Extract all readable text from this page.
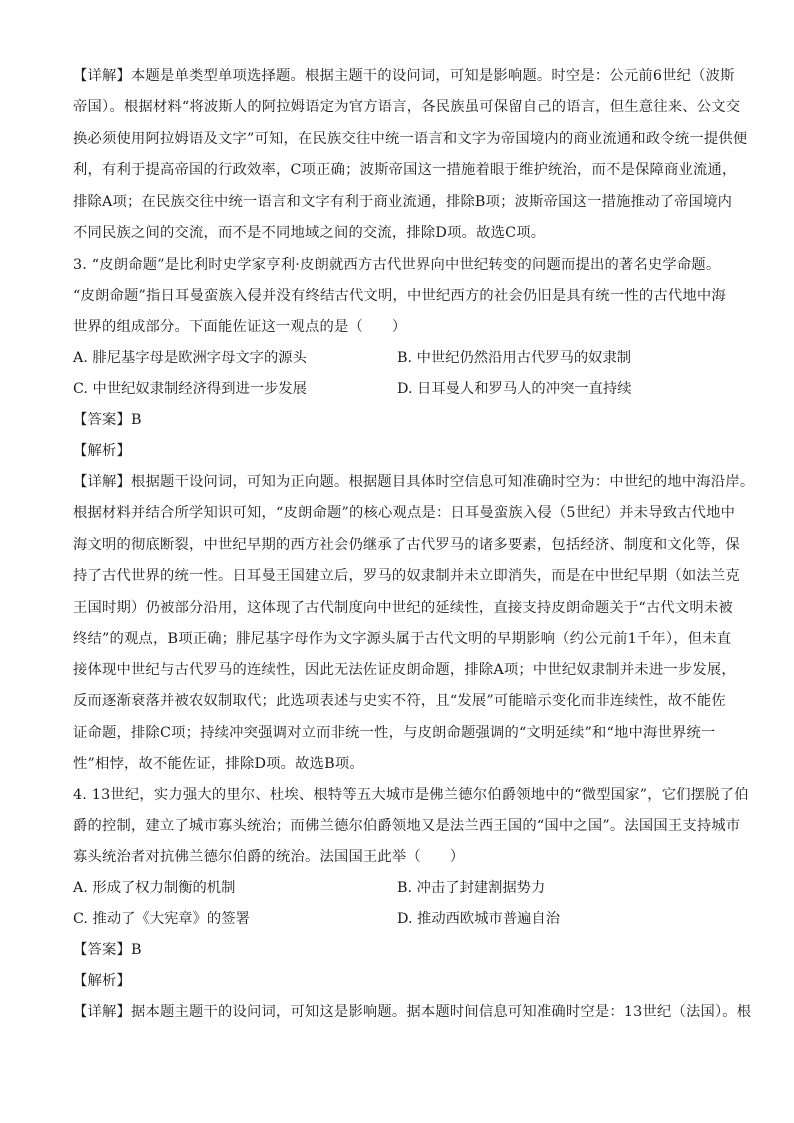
【详解】本题是单类型单项选择题。根据主题干的设问词，可知是影响题。时空是：公元前6世纪（波斯
帝国）。根据材料“将波斯人的阿拉姆语定为官方语言，各民族虽可保留自己的语言，但生意往来、公文交
换必须使用阿拉姆语及文字”可知，在民族交往中统一语言和文字为帝国境内的商业流通和政令统一提供便
利，有利于提高帝国的行政效率，C项正确；波斯帝国这一措施着眼于维护统治，而不是保障商业流通，
排除A项；在民族交往中统一语言和文字有利于商业流通，排除B项；波斯帝国这一措施推动了帝国境内
不同民族之间的交流，而不是不同地域之间的交流，排除D项。故选C项。
3. “皮朗命题”是比利时史学家亨利·皮朗就西方古代世界向中世纪转变的问题而提出的著名史学命题。
“皮朗命题”指日耳曼蛮族入侵并没有终结古代文明，中世纪西方的社会仍旧是具有统一性的古代地中海
世界的组成部分。下面能佐证这一观点的是（　　）
A. 腓尼基字母是欧洲字母文字的源头	B. 中世纪仍然沿用古代罗马的奴隶制
C. 中世纪奴隶制经济得到进一步发展	D. 日耳曼人和罗马人的冲突一直持续
【答案】B
【解析】
【详解】根据题干设问词，可知为正向题。根据题目具体时空信息可知准确时空为：中世纪的地中海沿岸。
根据材料并结合所学知识可知，“皮朗命题”的核心观点是：日耳曼蛮族入侵（5世纪）并未导致古代地中
海文明的彻底断裂，中世纪早期的西方社会仍继承了古代罗马的诸多要素，包括经济、制度和文化等，保
持了古代世界的统一性。日耳曼王国建立后，罗马的奴隶制并未立即消失，而是在中世纪早期（如法兰克
王国时期）仍被部分沿用，这体现了古代制度向中世纪的延续性，直接支持皮朗命题关于“古代文明未被
终结”的观点，B项正确；腓尼基字母作为文字源头属于古代文明的早期影响（约公元前1千年），但未直
接体现中世纪与古代罗马的连续性，因此无法佐证皮朗命题，排除A项；中世纪奴隶制并未进一步发展，
反而逐渐衰落并被农奴制取代；此选项表述与史实不符，且“发展”可能暗示变化而非连续性，故不能佐
证命题，排除C项；持续冲突强调对立而非统一性，与皮朗命题强调的“文明延续”和“地中海世界统一
性”相悖，故不能佐证，排除D项。故选B项。
4. 13世纪，实力强大的里尔、杜埃、根特等五大城市是佛兰德尔伯爵领地中的“微型国家”，它们摆脱了伯
爵的控制，建立了城市寡头统治；而佛兰德尔伯爵领地又是法兰西王国的“国中之国”。法国国王支持城市
寡头统治者对抗佛兰德尔伯爵的统治。法国国王此举（　　）
A. 形成了权力制衡的机制	B. 冲击了封建割据势力
C. 推动了《大宪章》的签署	D. 推动西欧城市普遍自治
【答案】B
【解析】
【详解】据本题主题干的设问词，可知这是影响题。据本题时间信息可知准确时空是：13世纪（法国）。根
